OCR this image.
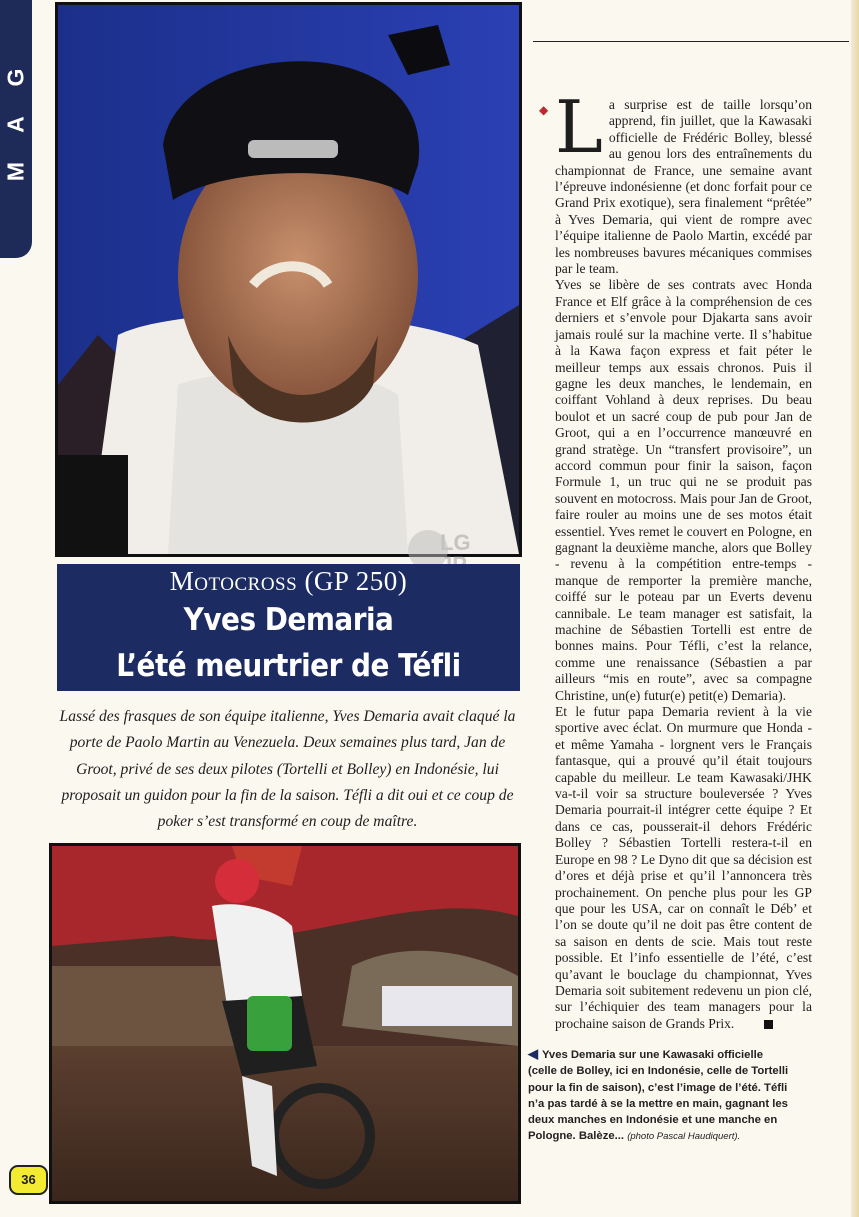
G
A
M
LG
Motocross (GP 250)
Yves Demaria
L’été meurtrier de Téfli
Lassé des frasques de son équipe italienne, Yves Demaria avait claqué la porte de Paolo Martin au Venezuela. Deux semaines plus tard, Jan de Groot, privé de ses deux pilotes (Tortelli et Bolley) en Indonésie, lui proposait un guidon pour la fin de la saison. Téfli a dit oui et ce coup de poker s’est transformé en coup de maître.
◆ La surprise est de taille lorsqu’on apprend, fin juillet, que la Kawasaki officielle de Frédéric Bolley, blessé au genou lors des entraînements du championnat de France, une semaine avant l’épreuve indonésienne (et donc forfait pour ce Grand Prix exotique), sera finalement “prêtée” à Yves Demaria, qui vient de rompre avec l’équipe italienne de Paolo Martin, excédé par les nombreuses bavures mécaniques commises par le team.

Yves se libère de ses contrats avec Honda France et Elf grâce à la compréhension de ces derniers et s’envole pour Djakarta sans avoir jamais roulé sur la machine verte. Il s’habitue à la Kawa façon express et fait péter le meilleur temps aux essais chronos. Puis il gagne les deux manches, le lendemain, en coiffant Vohland à deux reprises. Du beau boulot et un sacré coup de pub pour Jan de Groot, qui a en l’occurrence manœuvré en grand stratège. Un “transfert provisoire”, un accord commun pour finir la saison, façon Formule 1, un truc qui ne se produit pas souvent en motocross. Mais pour Jan de Groot, faire rouler au moins une de ses motos était essentiel. Yves remet le couvert en Pologne, en gagnant la deuxième manche, alors que Bolley - revenu à la compétition entre-temps - manque de remporter la première manche, coiffé sur le poteau par un Everts devenu cannibale. Le team manager est satisfait, la machine de Sébastien Tortelli est entre de bonnes mains. Pour Téfli, c’est la relance, comme une renaissance (Sébastien a par ailleurs “mis en route”, avec sa compagne Christine, un(e) futur(e) petit(e) Demaria).

Et le futur papa Demaria revient à la vie sportive avec éclat. On murmure que Honda - et même Yamaha - lorgnent vers le Français fantasque, qui a prouvé qu’il était toujours capable du meilleur. Le team Kawasaki/JHK va-t-il voir sa structure bouleversée ? Yves Demaria pourrait-il intégrer cette équipe ? Et dans ce cas, pousserait-il dehors Frédéric Bolley ? Sébastien Tortelli restera-t-il en Europe en 98 ? Le Dyno dit que sa décision est d’ores et déjà prise et qu’il l’annoncera très prochainement. On penche plus pour les GP que pour les USA, car on connaît le Déb’ et l’on se doute qu’il ne doit pas être content de sa saison en dents de scie. Mais tout reste possible. Et l’info essentielle de l’été, c’est qu’avant le bouclage du championnat, Yves Demaria soit subitement redevenu un pion clé, sur l’échiquier des team managers pour la prochaine saison de Grands Prix.

◀ Yves Demaria sur une Kawasaki officielle (celle de Bolley, ici en Indonésie, celle de Tortelli pour la fin de saison), c’est l’image de l’été. Téfli n’a pas tardé à se la mettre en main, gagnant les deux manches en Indonésie et une manche en Pologne. Balèze... (photo Pascal Haudiquert).
36
